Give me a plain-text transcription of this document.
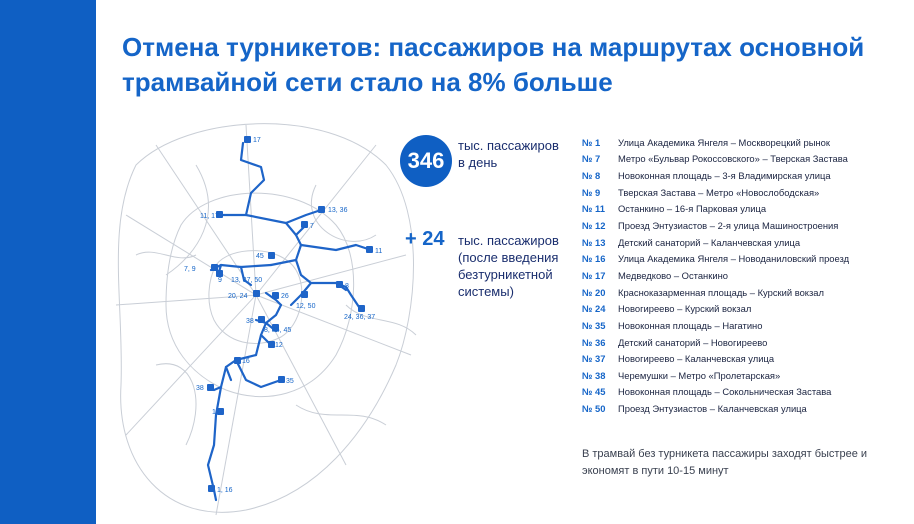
Отмена турникетов: пассажиров на маршрутах основной трамвайной сети стало на 8% больше
17
11, 17
13, 36
7
11
45
7, 9
9 13, 37, 50
8
20, 24	26
12, 50
24, 36, 37
38
8, 35, 45
12
16
35
38
1
1, 16
346
тыс. пассажиров в день
+ 24 тыс. пассажиров (после введения безтурникетной системы)
№ 1	Улица Академика Янгеля – Москворецкий рынок
№ 7	Метро «Бульвар Рокоссовского» – Тверская Застава
№ 8	Новоконная площадь – 3-я Владимирская улица
№ 9	Тверская Застава – Метро «Новослободская»
№ 11	Останкино – 16-я Парковая улица
№ 12	Проезд Энтузиастов – 2-я улица Машиностроения
№ 13	Детский санаторий – Каланчевская улица
№ 16	Улица Академика Янгеля – Новоданиловский проезд
№ 17	Медведково – Останкино
№ 20	Красноказарменная площадь – Курский вокзал
№ 24	Новогиреево – Курский вокзал
№ 35	Новоконная площадь – Нагатино
№ 36	Детский санаторий – Новогиреево
№ 37	Новогиреево – Каланчевская улица
№ 38	Черемушки – Метро «Пролетарская»
№ 45	Новоконная площадь – Сокольническая Застава
№ 50	Проезд Энтузиастов – Каланчевская улица

В трамвай без турникета пассажиры заходят быстрее и экономят в пути 10-15 минут
